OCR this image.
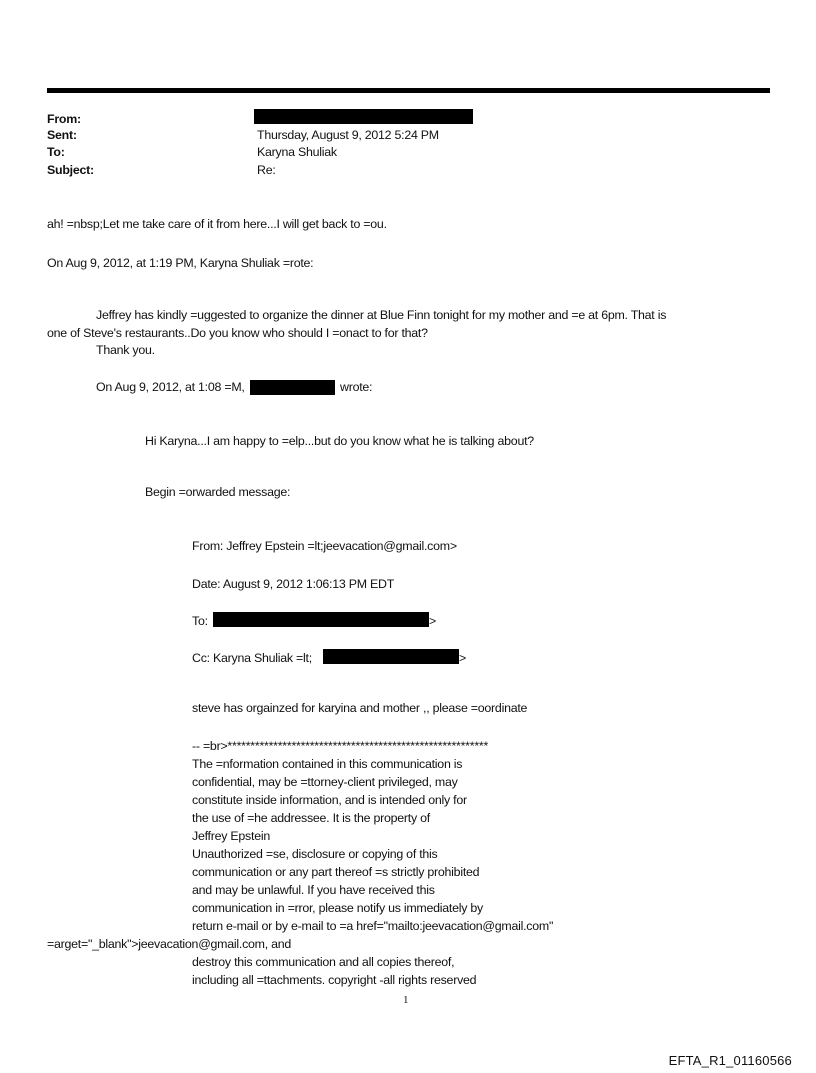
From:
Sent:	Thursday, August 9, 2012 5:24 PM
To:	Karyna Shuliak
Subject:	Re:
ah! =nbsp;Let me take care of it from here...I will get back to =ou.
On Aug 9, 2012, at 1:19 PM, Karyna Shuliak =rote:
Jeffrey has kindly =uggested to organize the dinner at Blue Finn tonight for my mother and =e at 6pm. That is
one of Steve's restaurants..Do you know who should I =onact to for that?
Thank you.
On Aug 9, 2012, at 1:08 =M,	wrote:
Hi Karyna...I am happy to =elp...but do you know what he is talking about?
Begin =orwarded message:
From: Jeffrey Epstein =lt;jeevacation@gmail.com>
Date: August 9, 2012 1:06:13 PM EDT
To:	>
Cc: Karyna Shuliak =lt;	>
steve has orgainzed for karyina and mother ,, please =oordinate
-- =br>*********************************************************
The =nformation contained in this communication is
confidential, may be =ttorney-client privileged, may
constitute inside information, and is intended only for
the use of =he addressee. It is the property of
Jeffrey Epstein
Unauthorized =se, disclosure or copying of this
communication or any part thereof =s strictly prohibited
and may be unlawful. If you have received this
communication in =rror, please notify us immediately by
return e-mail or by e-mail to =a href="mailto:jeevacation@gmail.com"
=arget="_blank">jeevacation@gmail.com, and
destroy this communication and all copies thereof,
including all =ttachments. copyright -all rights reserved
1
EFTA_R1_01160566
